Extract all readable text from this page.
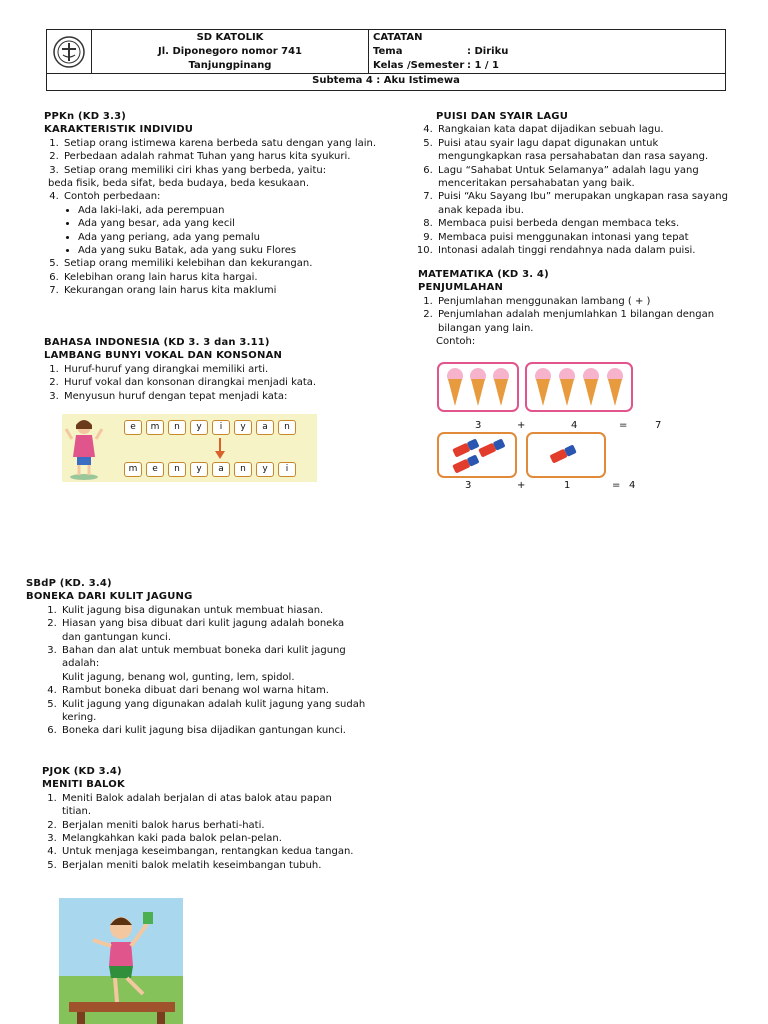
SD KATOLIK
Jl. Diponegoro nomor 741
Tanjungpinang
CATATAN
Tema	: Diriku
Kelas /Semester : 1 / 1
Subtema 4 : Aku Istimewa
PPKn (KD 3.3)
KARAKTERISTIK INDIVIDU
1. Setiap orang istimewa karena berbeda satu dengan yang lain.
2. Perbedaan adalah rahmat Tuhan yang harus kita syukuri.
3. Setiap orang memiliki ciri khas yang berbeda, yaitu:
beda fisik, beda sifat, beda budaya, beda kesukaan.
4. Contoh perbedaan:
• Ada laki-laki, ada perempuan
• Ada yang besar, ada yang kecil
• Ada yang periang, ada yang pemalu
• Ada yang suku Batak, ada yang suku Flores
5. Setiap orang memiliki kelebihan dan kekurangan.
6. Kelebihan orang lain harus kita hargai.
7. Kekurangan orang lain harus kita maklumi
BAHASA INDONESIA (KD 3. 3 dan 3.11)
LAMBANG BUNYI VOKAL DAN KONSONAN
1. Huruf-huruf yang dirangkai memiliki arti.
2. Huruf vokal dan konsonan dirangkai menjadi kata.
3. Menyusun huruf dengan tepat menjadi kata:
e	m	n	y	i	y	a	n
m	e	n	y	a	n	y	i
PUISI DAN SYAIR LAGU
4. Rangkaian kata dapat dijadikan sebuah lagu.
5. Puisi atau syair lagu dapat digunakan untuk mengungkapkan rasa persahabatan dan rasa sayang.
6. Lagu “Sahabat Untuk Selamanya” adalah lagu yang menceritakan persahabatan yang baik.
7. Puisi “Aku Sayang Ibu” merupakan ungkapan rasa sayang anak kepada ibu.
8. Membaca puisi berbeda dengan membaca teks.
9. Membaca puisi menggunakan intonasi yang tepat
10. Intonasi adalah tinggi rendahnya nada dalam puisi.
MATEMATIKA (KD 3. 4)
PENJUMLAHAN
1. Penjumlahan menggunakan lambang ( + )
2. Penjumlahan adalah menjumlahkan 1 bilangan dengan bilangan yang lain.
Contoh:
3	+	4	=	7
3	+	1	= 4
SBdP (KD. 3.4)
BONEKA DARI KULIT JAGUNG
1. Kulit jagung bisa digunakan untuk membuat hiasan.
2. Hiasan yang bisa dibuat dari kulit jagung adalah boneka dan gantungan kunci.
3. Bahan dan alat untuk membuat boneka dari kulit jagung adalah:
Kulit jagung, benang wol, gunting, lem, spidol.
4. Rambut boneka dibuat dari benang wol warna hitam.
5. Kulit jagung yang digunakan adalah kulit jagung yang sudah kering.
6. Boneka dari kulit jagung bisa dijadikan gantungan kunci.
PJOK (KD 3.4)
MENITI BALOK
1. Meniti Balok adalah berjalan di atas balok atau papan titian.
2. Berjalan meniti balok harus berhati-hati.
3. Melangkahkan kaki pada balok pelan-pelan.
4. Untuk menjaga keseimbangan, rentangkan kedua tangan.
5. Berjalan meniti balok melatih keseimbangan tubuh.
